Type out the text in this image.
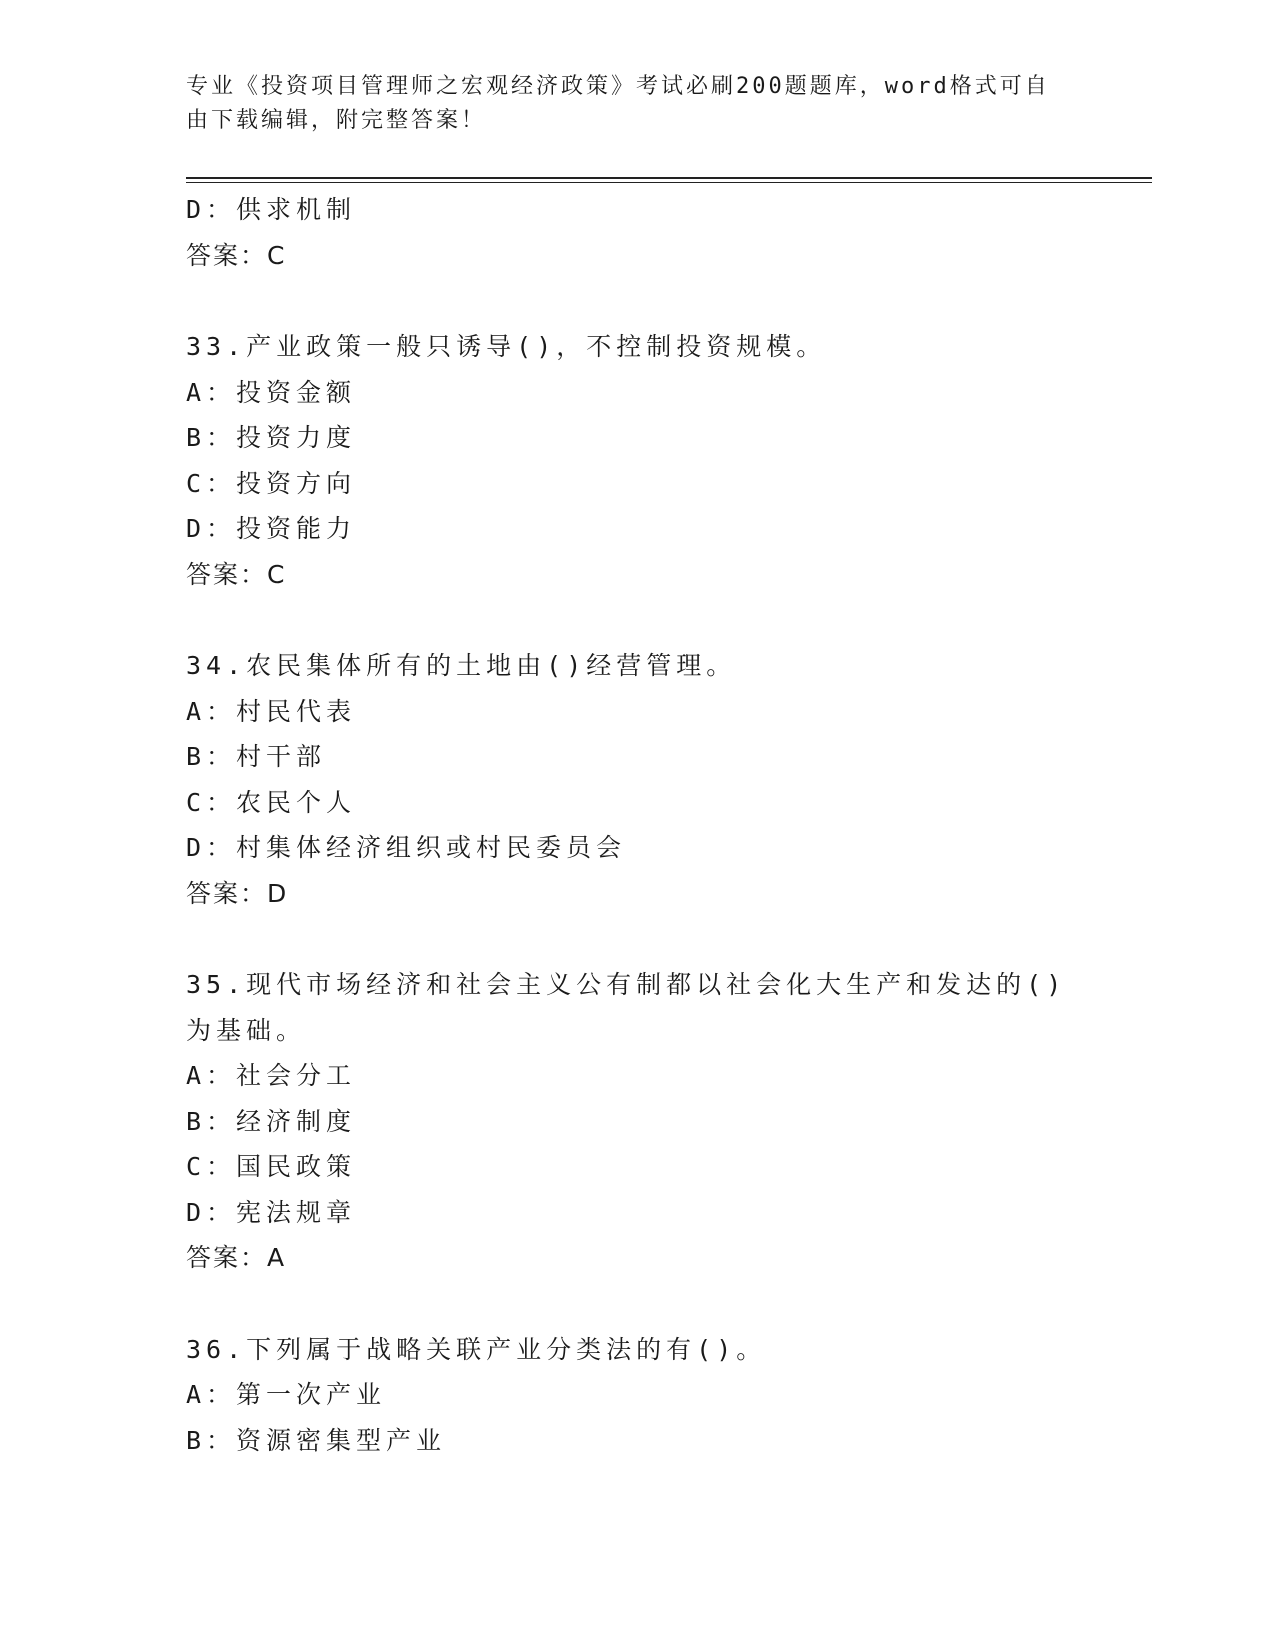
专业《投资项目管理师之宏观经济政策》考试必刷200题题库，word格式可自由下载编辑，附完整答案！
D：供求机制
答案：C
33.产业政策一般只诱导()，不控制投资规模。
A：投资金额
B：投资力度
C：投资方向
D：投资能力
答案：C
34.农民集体所有的土地由()经营管理。
A：村民代表
B：村干部
C：农民个人
D：村集体经济组织或村民委员会
答案：D
35.现代市场经济和社会主义公有制都以社会化大生产和发达的()为基础。
A：社会分工
B：经济制度
C：国民政策
D：宪法规章
答案：A
36.下列属于战略关联产业分类法的有()。
A：第一次产业
B：资源密集型产业
